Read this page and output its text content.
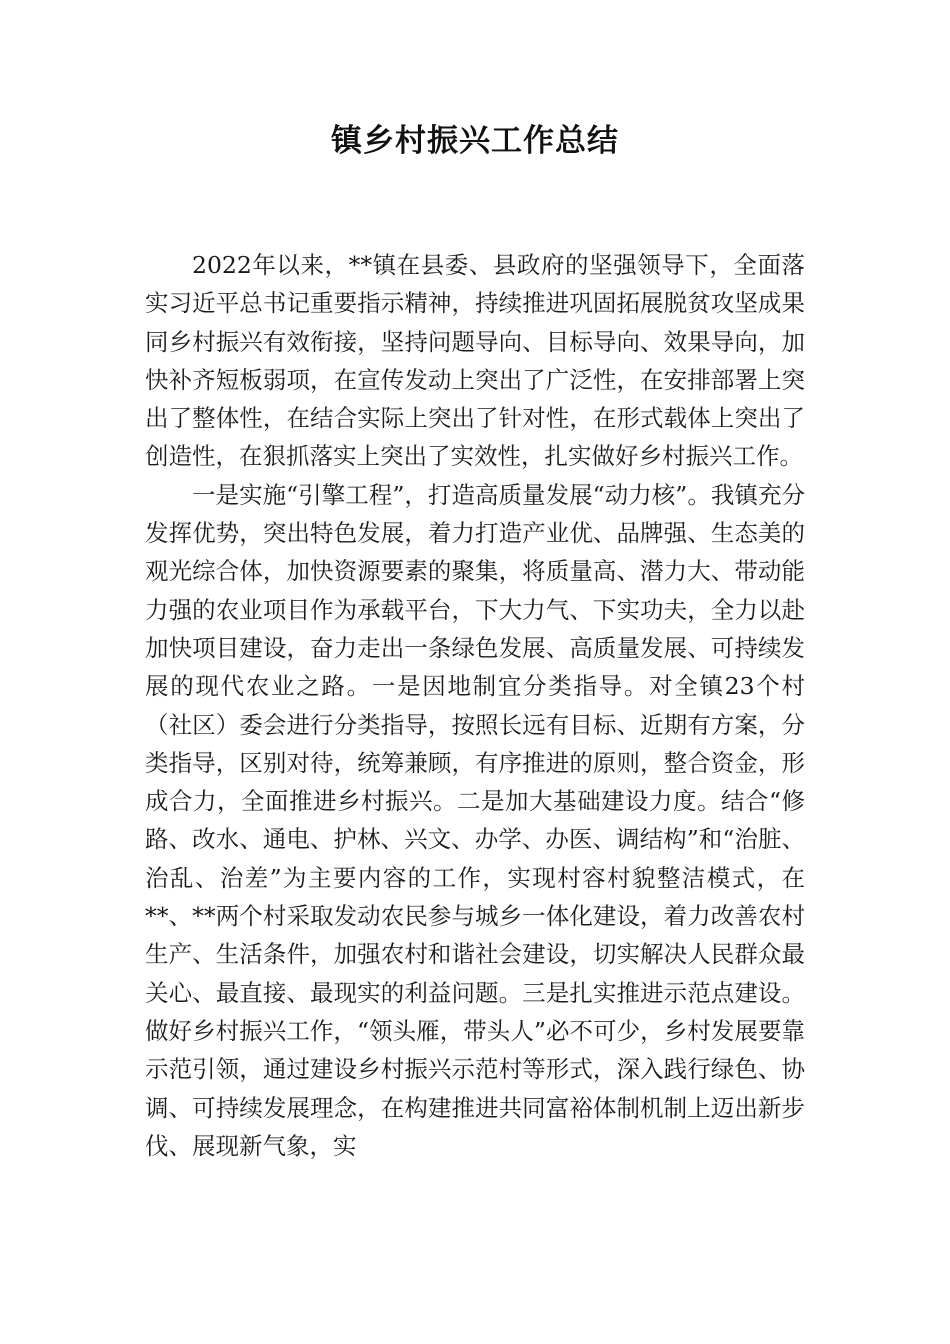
镇乡村振兴工作总结

2022年以来，**镇在县委、县政府的坚强领导下，全面落实习近平总书记重要指示精神，持续推进巩固拓展脱贫攻坚成果同乡村振兴有效衔接，坚持问题导向、目标导向、效果导向，加快补齐短板弱项，在宣传发动上突出了广泛性，在安排部署上突出了整体性，在结合实际上突出了针对性，在形式载体上突出了创造性，在狠抓落实上突出了实效性，扎实做好乡村振兴工作。

一是实施“引擎工程”，打造高质量发展“动力核”。我镇充分发挥优势，突出特色发展，着力打造产业优、品牌强、生态美的观光综合体，加快资源要素的聚集，将质量高、潜力大、带动能力强的农业项目作为承载平台，下大力气、下实功夫，全力以赴加快项目建设，奋力走出一条绿色发展、高质量发展、可持续发展的现代农业之路。一是因地制宜分类指导。对全镇23个村（社区）委会进行分类指导，按照长远有目标、近期有方案，分类指导，区别对待，统筹兼顾，有序推进的原则，整合资金，形成合力，全面推进乡村振兴。二是加大基础建设力度。结合“修路、改水、通电、护林、兴文、办学、办医、调结构”和“治脏、治乱、治差”为主要内容的工作，实现村容村貌整洁模式，在**、**两个村采取发动农民参与城乡一体化建设，着力改善农村生产、生活条件，加强农村和谐社会建设，切实解决人民群众最关心、最直接、最现实的利益问题。三是扎实推进示范点建设。做好乡村振兴工作，“领头雁，带头人”必不可少，乡村发展要靠示范引领，通过建设乡村振兴示范村等形式，深入践行绿色、协调、可持续发展理念，在构建推进共同富裕体制机制上迈出新步伐、展现新气象，实
